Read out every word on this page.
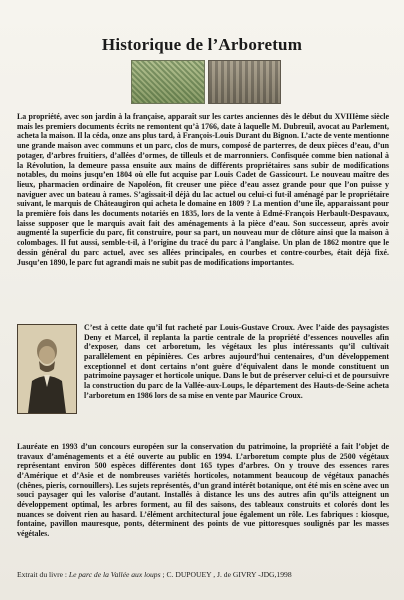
Historique de l’Arboretum
La propriété, avec son jardin à la française, apparaît sur les cartes anciennes dès le début du XVIIIème siècle mais les premiers documents écrits ne remontent qu’à 1766, date à laquelle M. Dubreuil, avocat au Parlement, acheta la maison. Il la céda, onze ans plus tard, à François-Louis Durant du Bignon. L’acte de vente mentionne une grande maison avec communs et un parc, clos de murs, composé de parterres, de deux pièces d’eau, d’un potager, d’arbres fruitiers, d’allées d’ormes, de tilleuls et de marronniers. Confisquée comme bien national à la Révolution, la demeure passa ensuite aux mains de différents propriétaires sans subir de modifications notables, du moins jusqu’en 1804 où elle fut acquise par Louis Cadet de Gassicourt. Le nouveau maître des lieux, pharmacien ordinaire de Napoléon, fit creuser une pièce d’eau assez grande pour que l’on puisse y naviguer avec un bateau à rames. S’agissait-il déjà du lac actuel ou celui-ci fut-il aménagé par le propriétaire suivant, le marquis de Châteaugiron qui acheta le domaine en 1809 ? La mention d’une île, apparaissant pour la première fois dans les documents notariés en 1835, lors de la vente à Edmé-François Herbault-Despavaux, laisse supposer que le marquis avait fait des aménagements à la pièce d’eau. Son successeur, après avoir augmenté la superficie du parc, fit construire, pour sa part, un nouveau mur de clôture ainsi que la maison à colombages. Il fut aussi, semble-t-il, à l’origine du tracé du parc à l’anglaise. Un plan de 1862 montre que le dessin général du parc actuel, avec ses allées principales, en courbes et contre-courbes, était déjà fixé. Jusqu’en 1890, le parc fut agrandi mais ne subit pas de modifications importantes.
C’est à cette date qu’il fut racheté par Louis-Gustave Croux. Avec l’aide des paysagistes Deny et Marcel, il replanta la partie centrale de la propriété d’essences nouvelles afin d’exposer, dans cet arboretum, les végétaux les plus intéressants qu’il cultivait parallèlement en pépinières. Ces arbres aujourd’hui centenaires, d’un développement exceptionnel et dont certains n’ont guère d’équivalent dans le monde constituent un patrimoine paysager et horticole unique. Dans le but de préserver celui-ci et de poursuivre la construction du parc de la Vallée-aux-Loups, le département des Hauts-de-Seine acheta l’arboretum en 1986 lors de sa mise en vente par Maurice Croux.
Lauréate en 1993 d’un concours européen sur la conservation du patrimoine, la propriété a fait l’objet de travaux d’aménagements et a été ouverte au public en 1994. L’arboretum compte plus de 2500 végétaux représentant environ 500 espèces différentes dont 165 types d’arbres. On y trouve des essences rares d’Amérique et d’Asie et de nombreuses variétés horticoles, notamment beaucoup de végétaux panachés (chênes, pieris, cornouillers). Les sujets représentés, d’un grand intérêt botanique, ont été mis en scène avec un souci paysager qui les valorise d’autant. Installés à distance les uns des autres afin qu’ils atteignent un développement optimal, les arbres forment, au fil des saisons, des tableaux construits et colorés dont les nuances se doivent rien au hasard. L’élément architectural joue également un rôle. Les fabriques : kiosque, fontaine, pavillon mauresque, ponts, déterminent des points de vue pittoresques soulignés par les masses végétales.
Extrait du livre : Le parc de la Vallée aux loups ; C. DUPOUEY , J. de GIVRY -JDG,1998
